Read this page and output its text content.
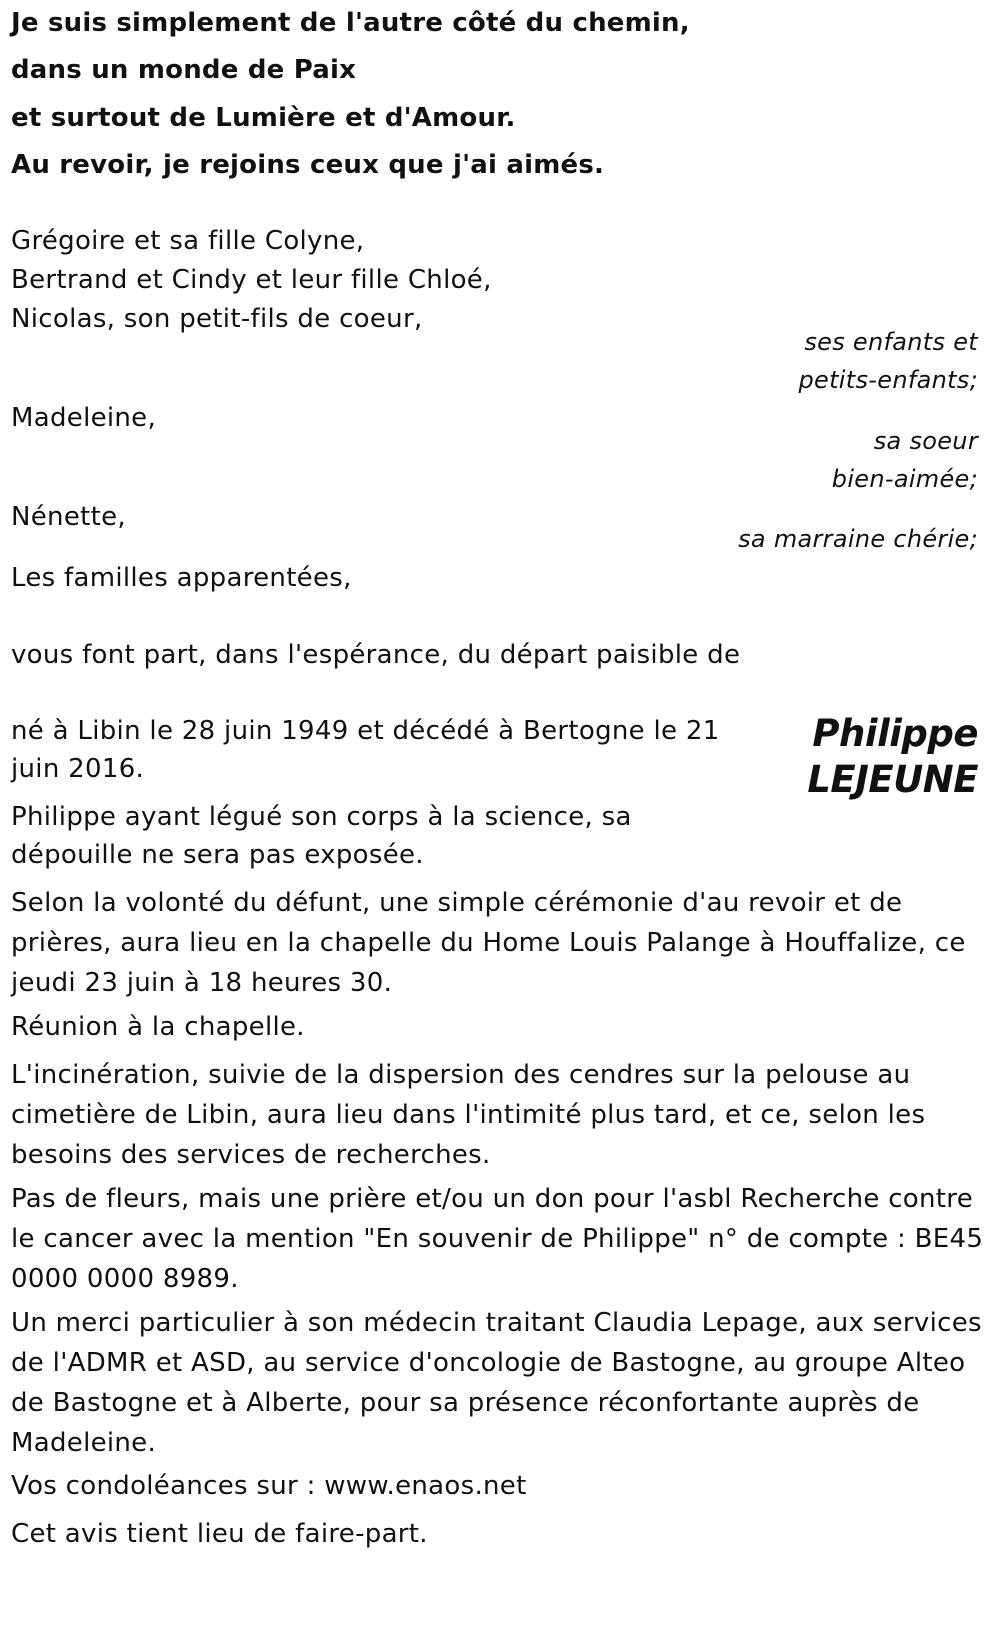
Je suis simplement de l'autre côté du chemin,

dans un monde de Paix

et surtout de Lumière et d'Amour.

Au revoir, je rejoins ceux que j'ai aimés.

Grégoire et sa fille Colyne,

Bertrand et Cindy et leur fille Chloé,

Nicolas, son petit-fils de coeur,

ses enfants et

petits-enfants;

Madeleine,

sa soeur

bien-aimée;

Nénette,

sa marraine chérie;

Les familles apparentées,

vous font part, dans l'espérance, du départ paisible de

Philippe

LEJEUNE

né à Libin le 28 juin 1949 et décédé à Bertogne le 21

juin 2016.

Philippe ayant légué son corps à la science, sa

dépouille ne sera pas exposée.

Selon la volonté du défunt, une simple cérémonie d'au revoir et de prières, aura lieu en la chapelle du Home Louis Palange à Houffalize, ce jeudi 23 juin à 18 heures 30.

Réunion à la chapelle.

L'incinération, suivie de la dispersion des cendres sur la pelouse au cimetière de Libin, aura lieu dans l'intimité plus tard, et ce, selon les besoins des services de recherches.

Pas de fleurs, mais une prière et/ou un don pour l'asbl Recherche contre le cancer avec la mention "En souvenir de Philippe" n° de compte : BE45 0000 0000 8989.

Un merci particulier à son médecin traitant Claudia Lepage, aux services de l'ADMR et ASD, au service d'oncologie de Bastogne, au groupe Alteo de Bastogne et à Alberte, pour sa présence réconfortante auprès de Madeleine.

Vos condoléances sur : www.enaos.net

Cet avis tient lieu de faire-part.
